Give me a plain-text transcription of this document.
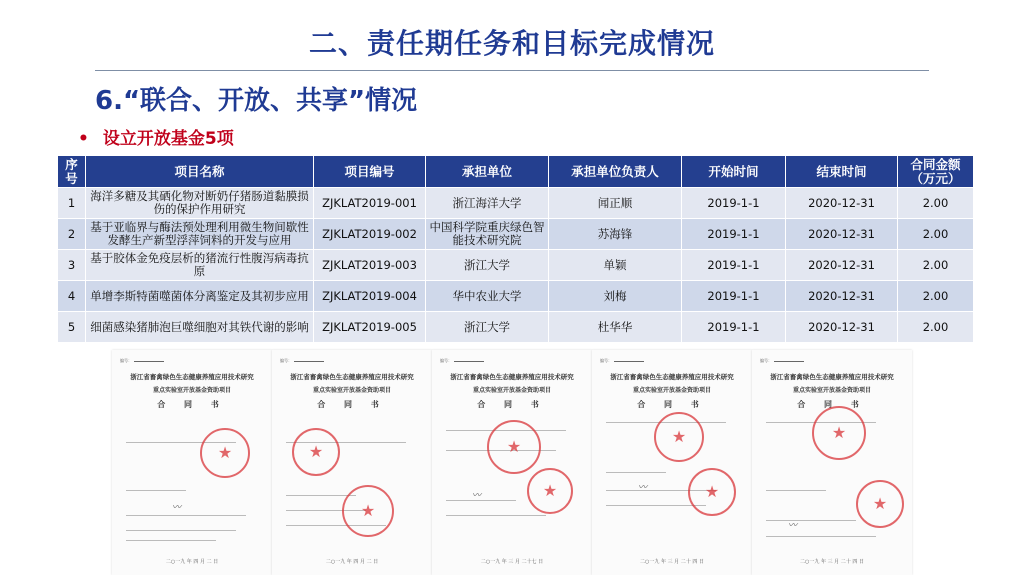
二、责任期任务和目标完成情况
6.“联合、开放、共享”情况
• 设立开放基金5项
序号	项目名称	项目编号	承担单位	承担单位负责人	开始时间	结束时间	合同金额
（万元）
1	海洋多糖及其硒化物对断奶仔猪肠道黏膜损伤的保护作用研究	ZJKLAT2019-001	浙江海洋大学	闻正顺	2019-1-1	2020-12-31	2.00
2	基于亚临界与酶法预处理利用微生物间歇性发酵生产新型浮萍饲料的开发与应用	ZJKLAT2019-002	中国科学院重庆绿色智能技术研究院	苏海锋	2019-1-1	2020-12-31	2.00
3	基于胶体金免疫层析的猪流行性腹泻病毒抗原	ZJKLAT2019-003	浙江大学	单颖	2019-1-1	2020-12-31	2.00
4	单增李斯特菌噬菌体分离鉴定及其初步应用	ZJKLAT2019-004	华中农业大学	刘梅	2019-1-1	2020-12-31	2.00
5	细菌感染猪肺泡巨噬细胞对其铁代谢的影响	ZJKLAT2019-005	浙江大学	杜华华	2019-1-1	2020-12-31	2.00
编号：
浙江省畜禽绿色生态健康养殖应用技术研究
重点实验室开放基金资助项目
合 同 书
★
〰
二○一九 年 四 月 二 日
编号：
浙江省畜禽绿色生态健康养殖应用技术研究
重点实验室开放基金资助项目
合 同 书
★
★
二○一九 年 四 月 二 日
编号：
浙江省畜禽绿色生态健康养殖应用技术研究
重点实验室开放基金资助项目
合 同 书
★
★
〰
二○一九 年 三 月 二十七 日
编号：
浙江省畜禽绿色生态健康养殖应用技术研究
重点实验室开放基金资助项目
合 同 书
★
★
〰
二○一九 年 三 月 二十 四 日
编号：
浙江省畜禽绿色生态健康养殖应用技术研究
重点实验室开放基金资助项目
合 同 书
★
★
〰
二○一九 年 三 月 二十 四 日
